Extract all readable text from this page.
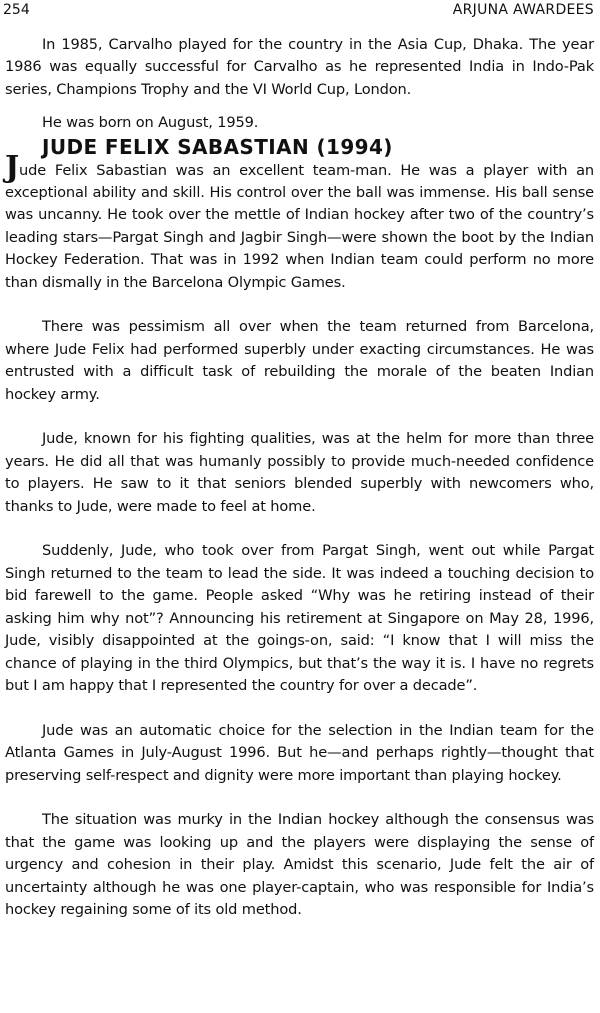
254	ARJUNA AWARDEES

In 1985, Carvalho played for the country in the Asia Cup, Dhaka. The year 1986 was equally successful for Carvalho as he represented India in Indo-Pak series, Champions Trophy and the VI World Cup, London.

He was born on August, 1959.

JUDE FELIX SABASTIAN (1994)

Jude Felix Sabastian was an excellent team-man. He was a player with an exceptional ability and skill. His control over the ball was immense. His ball sense was uncanny. He took over the mettle of Indian hockey after two of the country’s leading stars—Pargat Singh and Jagbir Singh—were shown the boot by the Indian Hockey Federation. That was in 1992 when Indian team could perform no more than dismally in the Barcelona Olympic Games.

There was pessimism all over when the team returned from Barcelona, where Jude Felix had performed superbly under exacting circumstances. He was entrusted with a difficult task of rebuilding the morale of the beaten Indian hockey army.

Jude, known for his fighting qualities, was at the helm for more than three years. He did all that was humanly possibly to provide much-needed confidence to players. He saw to it that seniors blended superbly with newcomers who, thanks to Jude, were made to feel at home.

Suddenly, Jude, who took over from Pargat Singh, went out while Pargat Singh returned to the team to lead the side. It was indeed a touching decision to bid farewell to the game. People asked “Why was he retiring instead of their asking him why not”? Announcing his retirement at Singapore on May 28, 1996, Jude, visibly disappointed at the goings-on, said: “I know that I will miss the chance of playing in the third Olympics, but that’s the way it is. I have no regrets but I am happy that I represented the country for over a decade”.

Jude was an automatic choice for the selection in the Indian team for the Atlanta Games in July-August 1996. But he—and perhaps rightly—thought that preserving self-respect and dignity were more important than playing hockey.

The situation was murky in the Indian hockey although the consensus was that the game was looking up and the players were displaying the sense of urgency and cohesion in their play. Amidst this scenario, Jude felt the air of uncertainty although he was one player-captain, who was responsible for India’s hockey regaining some of its old method.
